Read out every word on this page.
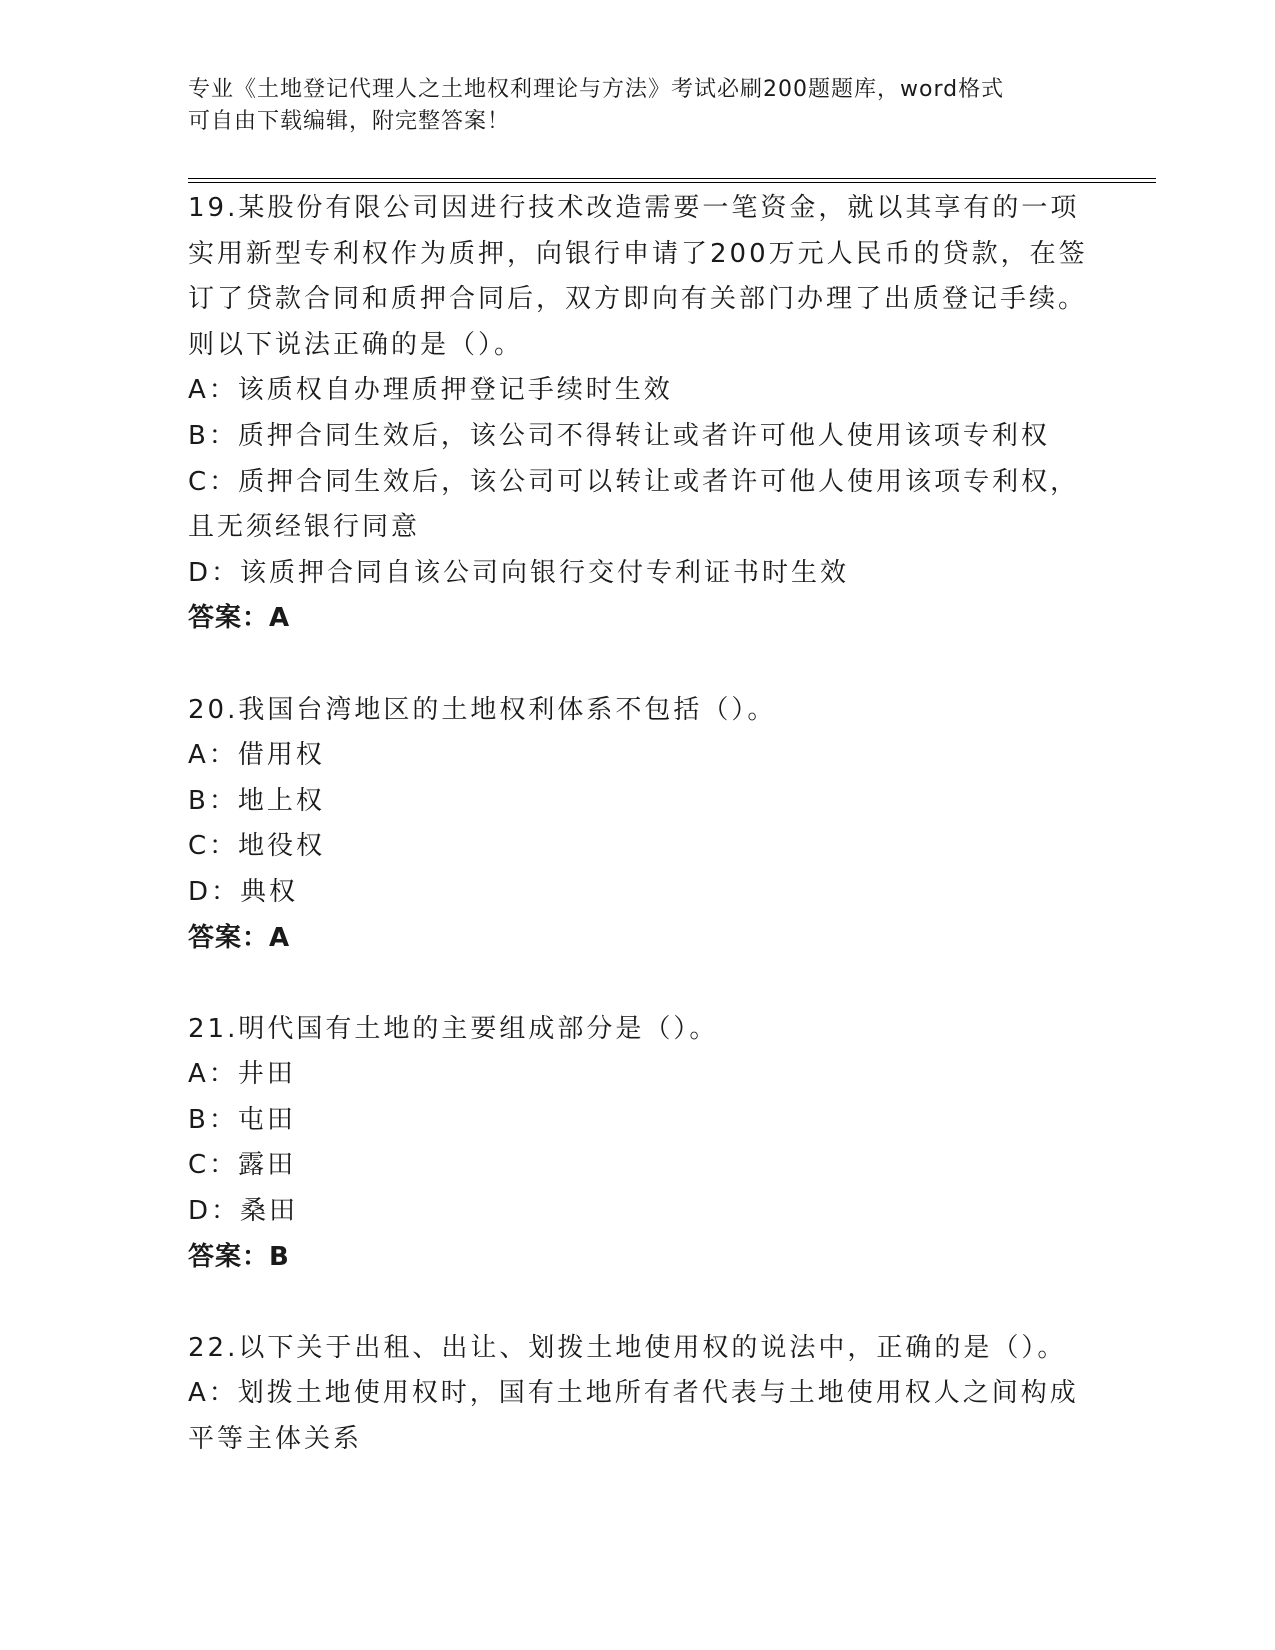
专业《土地登记代理人之土地权利理论与方法》考试必刷200题题库，word格式
可自由下载编辑，附完整答案！

19.某股份有限公司因进行技术改造需要一笔资金，就以其享有的一项实用新型专利权作为质押，向银行申请了200万元人民币的贷款，在签订了贷款合同和质押合同后，双方即向有关部门办理了出质登记手续。则以下说法正确的是（）。

A：该质权自办理质押登记手续时生效

B：质押合同生效后，该公司不得转让或者许可他人使用该项专利权

C：质押合同生效后，该公司可以转让或者许可他人使用该项专利权，且无须经银行同意

D：该质押合同自该公司向银行交付专利证书时生效

答案：A

20.我国台湾地区的土地权利体系不包括（）。

A：借用权

B：地上权

C：地役权

D：典权

答案：A

21.明代国有土地的主要组成部分是（）。

A：井田

B：屯田

C：露田

D：桑田

答案：B

22.以下关于出租、出让、划拨土地使用权的说法中，正确的是（）。

A：划拨土地使用权时，国有土地所有者代表与土地使用权人之间构成平等主体关系
